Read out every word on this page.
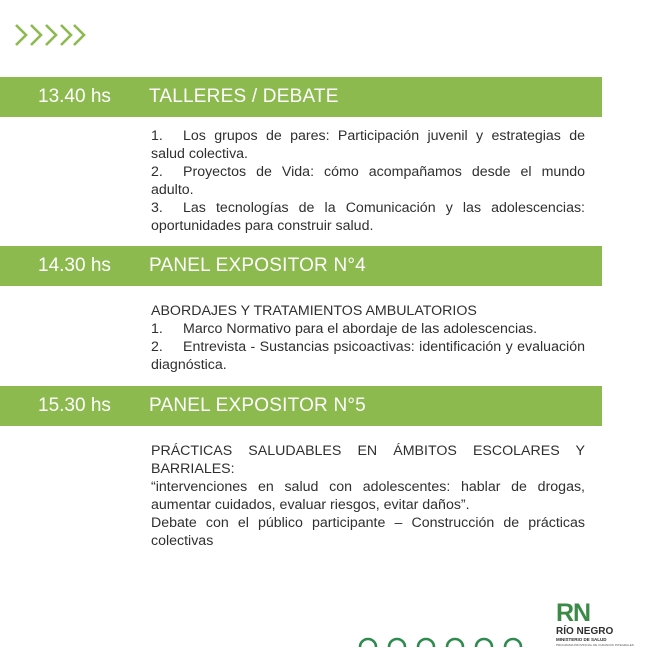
13.40 hs TALLERES / DEBATE

1. Los grupos de pares: Participación juvenil y estrategias de salud colectiva.

2. Proyectos de Vida: cómo acompañamos desde el mundo adulto.

3. Las tecnologías de la Comunicación y las adolescencias: oportunidades para construir salud.

14.30 hs PANEL EXPOSITOR N°4

ABORDAJES Y TRATAMIENTOS AMBULATORIOS

1. Marco Normativo para el abordaje de las adolescencias.

2. Entrevista - Sustancias psicoactivas: identificación y evaluación diagnóstica.

15.30 hs PANEL EXPOSITOR N°5

PRÁCTICAS SALUDABLES EN ÁMBITOS ESCOLARES Y BARRIALES:

“intervenciones en salud con adolescentes: hablar de drogas, aumentar cuidados, evaluar riesgos, evitar daños”.

Debate con el público participante – Construcción de prácticas colectivas

RN
RÍO NEGRO
MINISTERIO DE SALUD
PROGRAMA PROVINCIAL DE CUIDADOS INTEGRALES
